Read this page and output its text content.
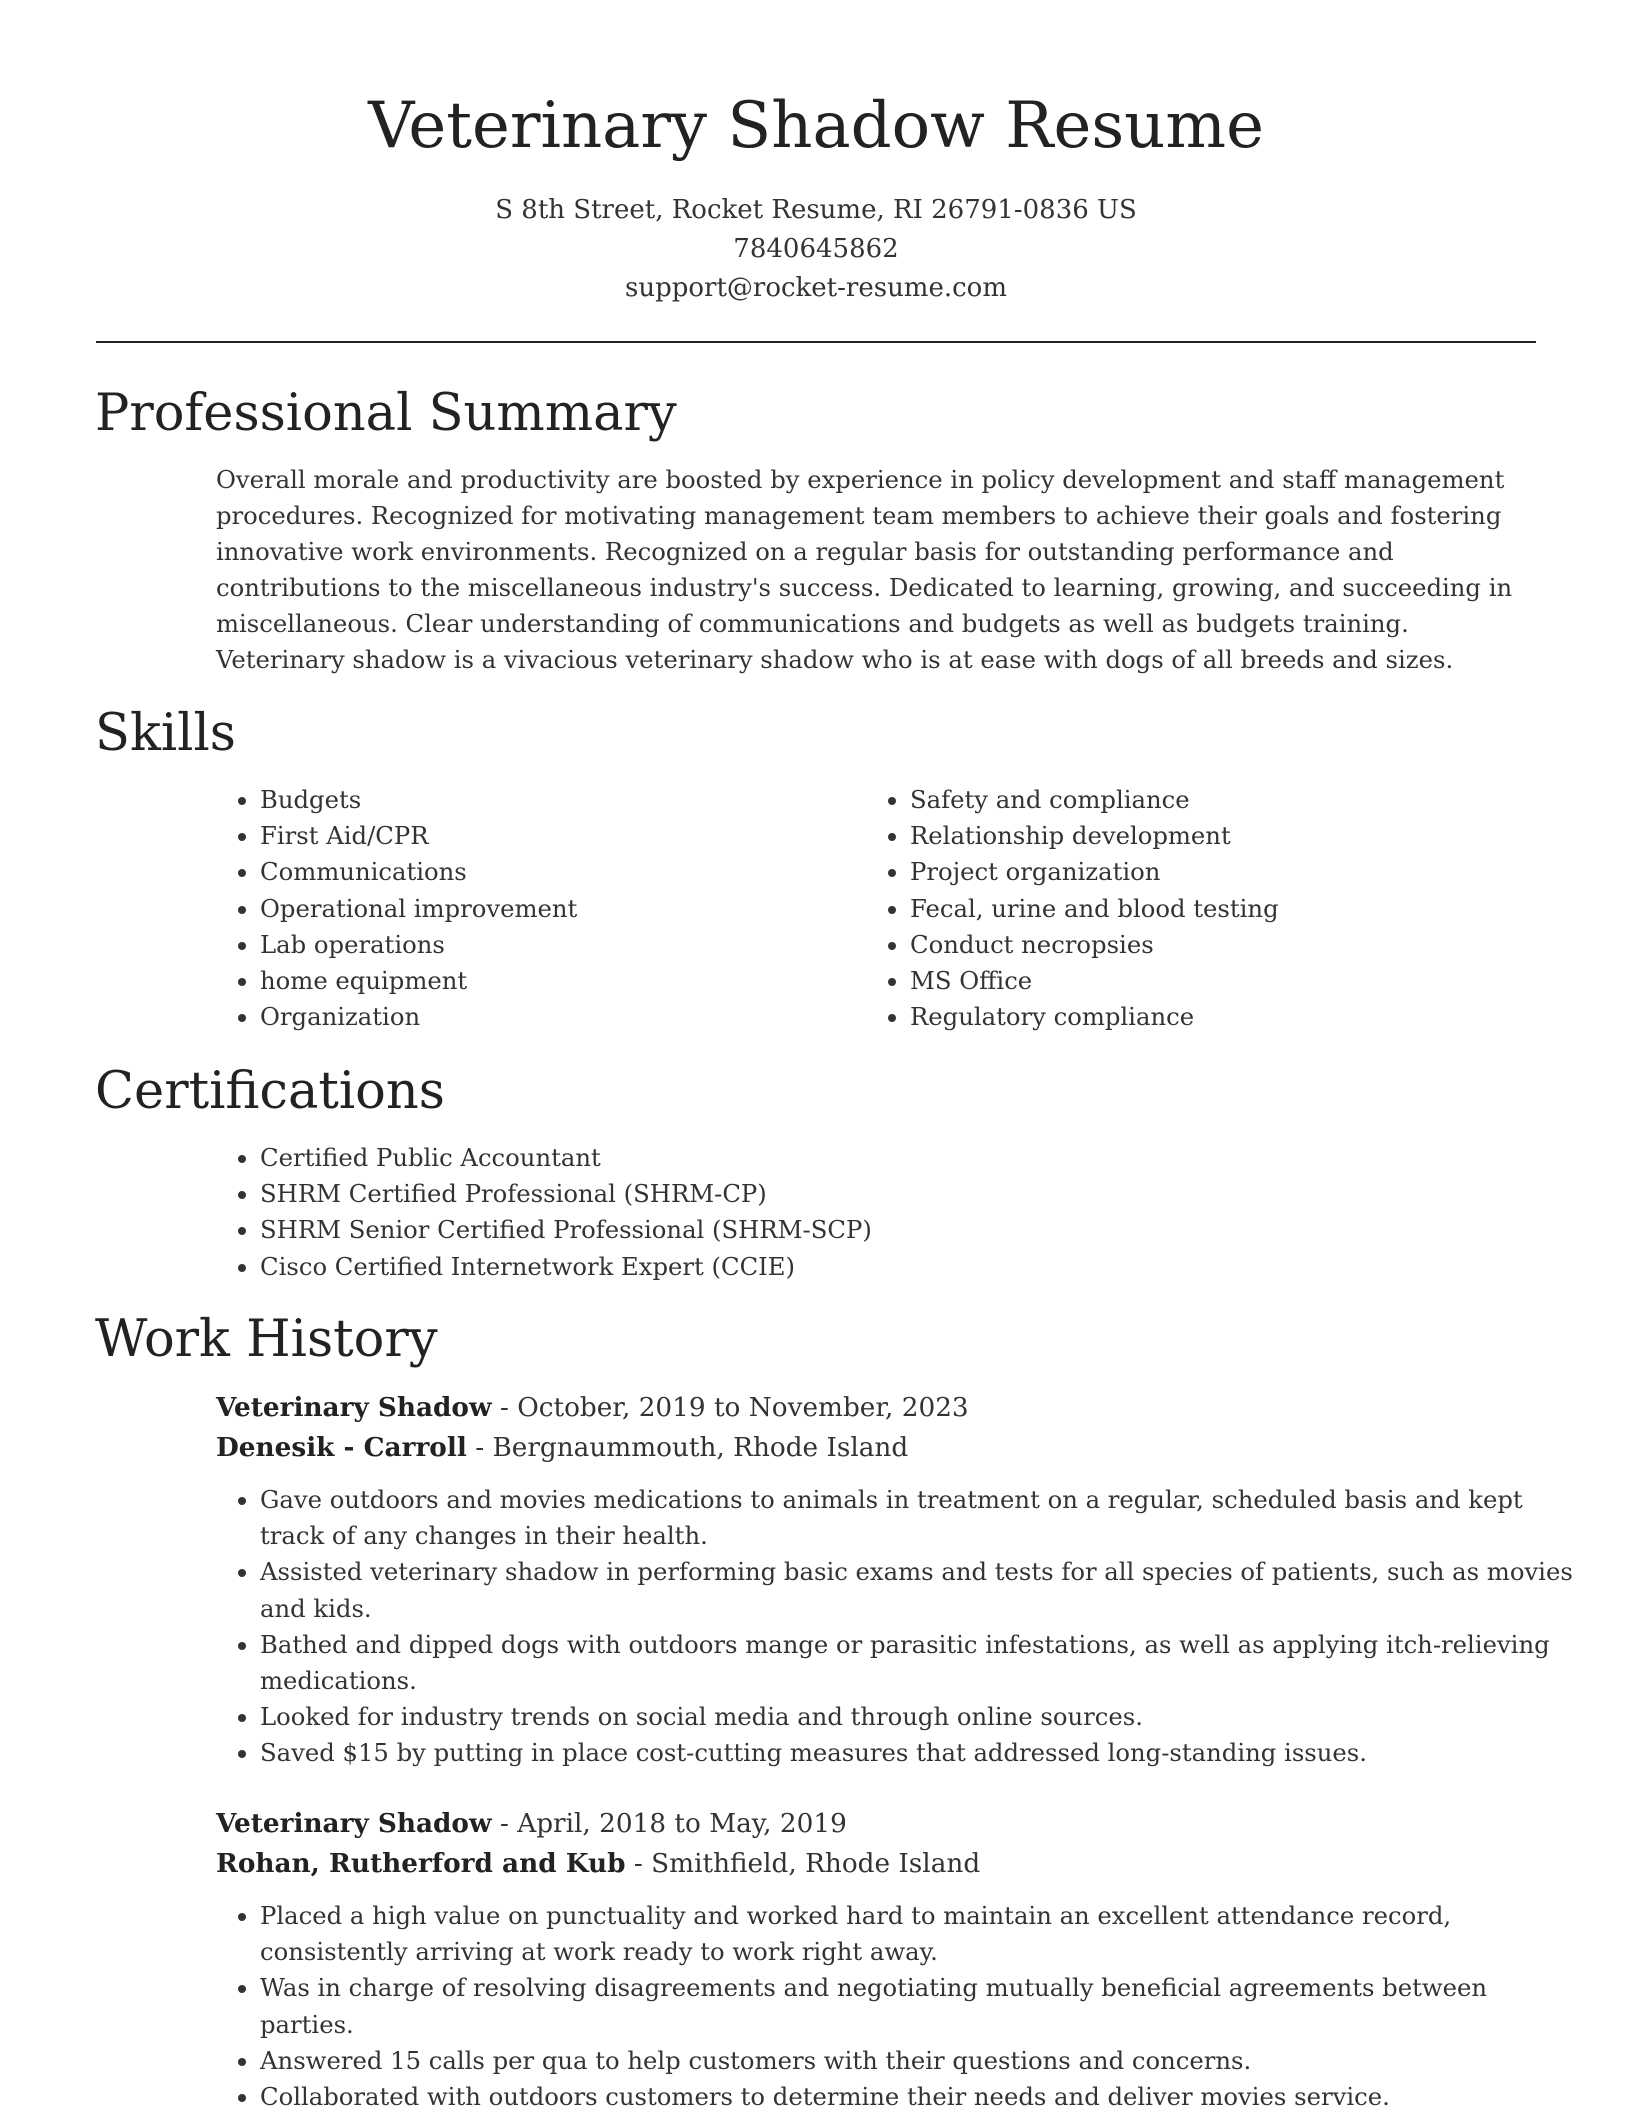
Veterinary Shadow Resume
S 8th Street, Rocket Resume, RI 26791-0836 US
7840645862
support@rocket-resume.com
Professional Summary

Overall morale and productivity are boosted by experience in policy development and staff management procedures. Recognized for motivating management team members to achieve their goals and fostering innovative work environments. Recognized on a regular basis for outstanding performance and contributions to the miscellaneous industry's success. Dedicated to learning, growing, and succeeding in miscellaneous. Clear understanding of communications and budgets as well as budgets training. Veterinary shadow is a vivacious veterinary shadow who is at ease with dogs of all breeds and sizes.

Skills
• Budgets
• First Aid/CPR
• Communications
• Operational improvement
• Lab operations
• home equipment
• Organization
• Safety and compliance
• Relationship development
• Project organization
• Fecal, urine and blood testing
• Conduct necropsies
• MS Office
• Regulatory compliance
Certifications
• Certified Public Accountant
• SHRM Certified Professional (SHRM-CP)
• SHRM Senior Certified Professional (SHRM-SCP)
• Cisco Certified Internetwork Expert (CCIE)
Work History
Veterinary Shadow - October, 2019 to November, 2023
Denesik - Carroll - Bergnaummouth, Rhode Island
• Gave outdoors and movies medications to animals in treatment on a regular, scheduled basis and kept track of any changes in their health.
• Assisted veterinary shadow in performing basic exams and tests for all species of patients, such as movies and kids.
• Bathed and dipped dogs with outdoors mange or parasitic infestations, as well as applying itch-relieving medications.
• Looked for industry trends on social media and through online sources.
• Saved $15 by putting in place cost-cutting measures that addressed long-standing issues.
Veterinary Shadow - April, 2018 to May, 2019
Rohan, Rutherford and Kub - Smithfield, Rhode Island
• Placed a high value on punctuality and worked hard to maintain an excellent attendance record, consistently arriving at work ready to work right away.
• Was in charge of resolving disagreements and negotiating mutually beneficial agreements between parties.
• Answered 15 calls per qua to help customers with their questions and concerns.
• Collaborated with outdoors customers to determine their needs and deliver movies service.
